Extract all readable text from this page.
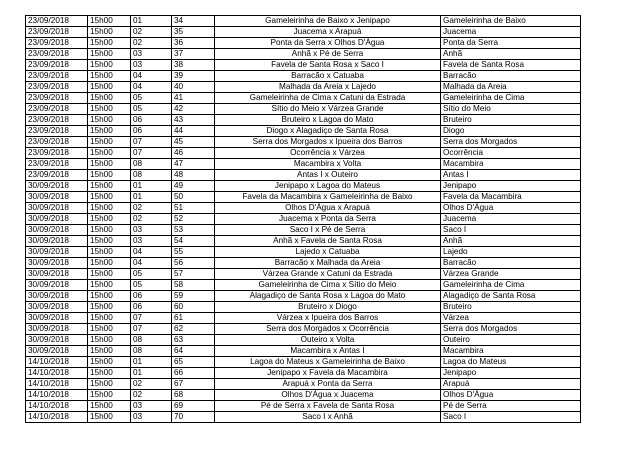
23/09/2018	15h00	01	34	Gameleirinha de Baixo x Jenipapo	Gameleirinha de Baixo
23/09/2018	15h00	02	35	Juacema x Arapuá	Juacema
23/09/2018	15h00	02	36	Ponta da Serra x Olhos D'Água	Ponta da Serra
23/09/2018	15h00	03	37	Anhã x Pé de Serra	Anhã
23/09/2018	15h00	03	38	Favela de Santa Rosa x Saco I	Favela de Santa Rosa
23/09/2018	15h00	04	39	Barracão x Catuaba	Barracão
23/09/2018	15h00	04	40	Malhada da Areia x Lajedo	Malhada da Areia
23/09/2018	15h00	05	41	Gameleirinha de Cima x Catuni da Estrada	Gameleirinha de Cima
23/09/2018	15h00	05	42	Sítio do Meio x Várzea Grande	Sítio do Meio
23/09/2018	15h00	06	43	Bruteiro x Lagoa do Mato	Bruteiro
23/09/2018	15h00	06	44	Diogo x Alagadiço de Santa Rosa	Diogo
23/09/2018	15h00	07	45	Serra dos Morgados x Ipueira dos Barros	Serra dos Morgados
23/09/2018	15h00	07	46	Ocorrência x Várzea	Ocorrência
23/09/2018	15h00	08	47	Macambira x Volta	Macambira
23/09/2018	15h00	08	48	Antas I x Outeiro	Antas I
30/09/2018	15h00	01	49	Jenipapo x Lagoa do Mateus	Jenipapo
30/09/2018	15h00	01	50	Favela da Macambira x Gameleirinha de Baixo	Favela da Macambira
30/09/2018	15h00	02	51	Olhos D'Água x Arapuá	Olhos D'Água
30/09/2018	15h00	02	52	Juacema x Ponta da Serra	Juacema
30/09/2018	15h00	03	53	Saco I x Pé de Serra	Saco I
30/09/2018	15h00	03	54	Anhã x Favela de Santa Rosa	Anhã
30/09/2018	15h00	04	55	Lajedo x Catuaba	Lajedo
30/09/2018	15h00	04	56	Barracão x Malhada da Areia	Barracão
30/09/2018	15h00	05	57	Várzea Grande x Catuni da Estrada	Várzea Grande
30/09/2018	15h00	05	58	Gameleirinha de Cima x Sítio do Meio	Gameleirinha de Cima
30/09/2018	15h00	06	59	Alagadiço de Santa Rosa x Lagoa do Mato	Alagadiço de Santa Rosa
30/09/2018	15h00	06	60	Bruteiro x Diogo	Bruteiro
30/09/2018	15h00	07	61	Várzea x Ipueira dos Barros	Várzea
30/09/2018	15h00	07	62	Serra dos Morgados x Ocorrência	Serra dos Morgados
30/09/2018	15h00	08	63	Outeiro x Volta	Outeiro
30/09/2018	15h00	08	64	Macambira x Antas I	Macambira
14/10/2018	15h00	01	65	Lagoa do Mateus x Gameleirinha de Baixo	Lagoa do Mateus
14/10/2018	15h00	01	66	Jenipapo x Favela da Macambira	Jenipapo
14/10/2018	15h00	02	67	Arapuá x Ponta da Serra	Arapuá
14/10/2018	15h00	02	68	Olhos D'Água x Juacema	Olhos D'Água
14/10/2018	15h00	03	69	Pé de Serra x Favela de Santa Rosa	Pé de Serra
14/10/2018	15h00	03	70	Saco I x Anhã	Saco I
